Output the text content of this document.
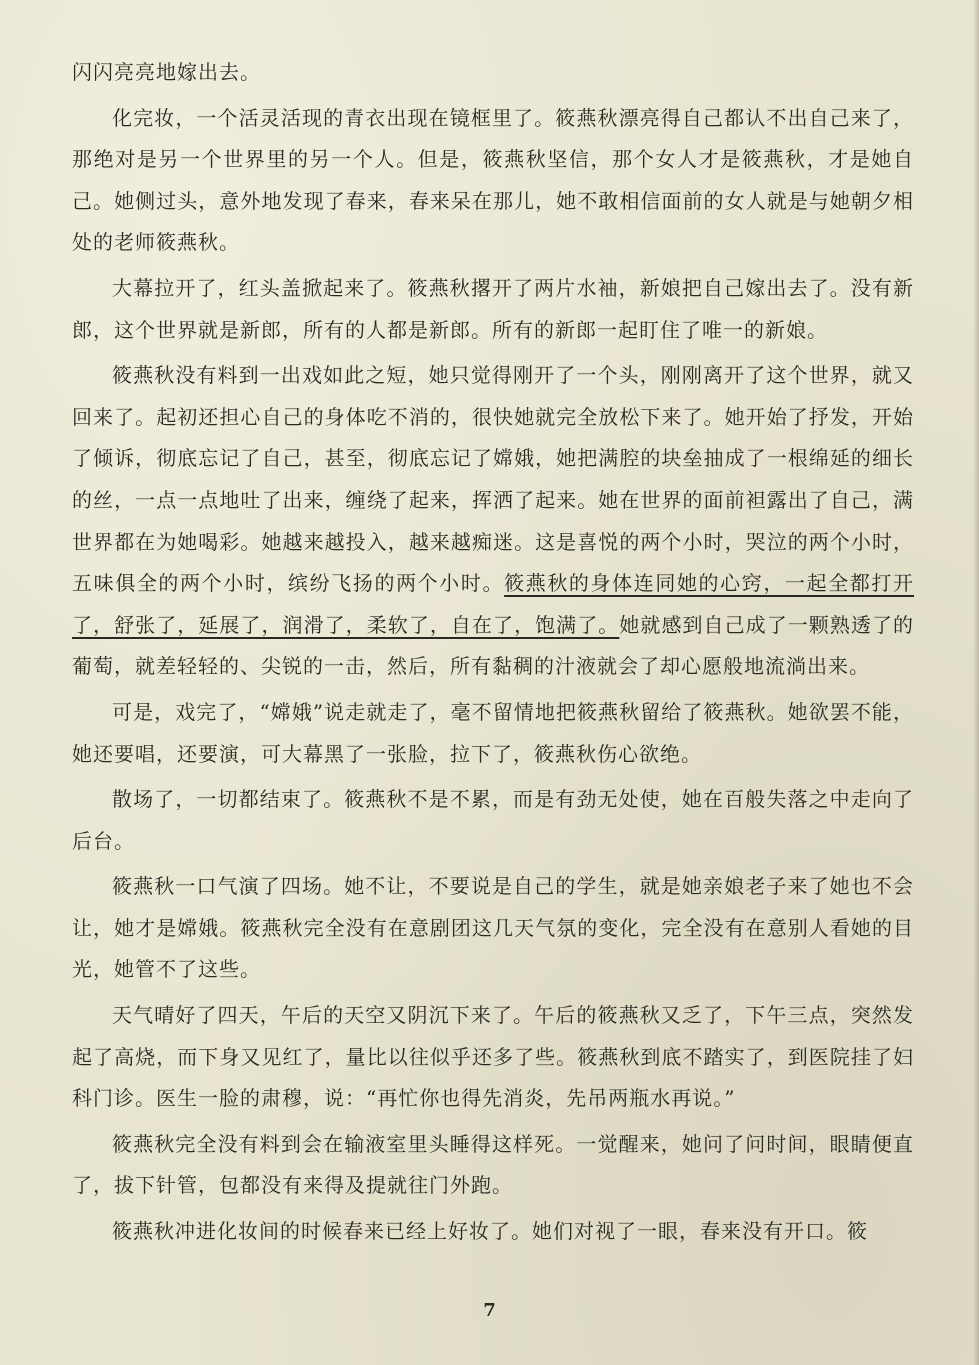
闪闪亮亮地嫁出去。

化完妆，一个活灵活现的青衣出现在镜框里了。筱燕秋漂亮得自己都认不出自己来了，那绝对是另一个世界里的另一个人。但是，筱燕秋坚信，那个女人才是筱燕秋，才是她自己。她侧过头，意外地发现了春来，春来呆在那儿，她不敢相信面前的女人就是与她朝夕相处的老师筱燕秋。

大幕拉开了，红头盖掀起来了。筱燕秋撂开了两片水袖，新娘把自己嫁出去了。没有新郎，这个世界就是新郎，所有的人都是新郎。所有的新郎一起盯住了唯一的新娘。

筱燕秋没有料到一出戏如此之短，她只觉得刚开了一个头，刚刚离开了这个世界，就又回来了。起初还担心自己的身体吃不消的，很快她就完全放松下来了。她开始了抒发，开始了倾诉，彻底忘记了自己，甚至，彻底忘记了嫦娥，她把满腔的块垒抽成了一根绵延的细长的丝，一点一点地吐了出来，缠绕了起来，挥洒了起来。她在世界的面前袒露出了自己，满世界都在为她喝彩。她越来越投入，越来越痴迷。这是喜悦的两个小时，哭泣的两个小时，五味俱全的两个小时，缤纷飞扬的两个小时。筱燕秋的身体连同她的心窍，一起全都打开了，舒张了，延展了，润滑了，柔软了，自在了，饱满了。她就感到自己成了一颗熟透了的葡萄，就差轻轻的、尖锐的一击，然后，所有黏稠的汁液就会了却心愿般地流淌出来。

可是，戏完了，“嫦娥”说走就走了，毫不留情地把筱燕秋留给了筱燕秋。她欲罢不能，她还要唱，还要演，可大幕黑了一张脸，拉下了，筱燕秋伤心欲绝。

散场了，一切都结束了。筱燕秋不是不累，而是有劲无处使，她在百般失落之中走向了后台。

筱燕秋一口气演了四场。她不让，不要说是自己的学生，就是她亲娘老子来了她也不会让，她才是嫦娥。筱燕秋完全没有在意剧团这几天气氛的变化，完全没有在意别人看她的目光，她管不了这些。

天气晴好了四天，午后的天空又阴沉下来了。午后的筱燕秋又乏了，下午三点，突然发起了高烧，而下身又见红了，量比以往似乎还多了些。筱燕秋到底不踏实了，到医院挂了妇科门诊。医生一脸的肃穆，说：“再忙你也得先消炎，先吊两瓶水再说。”

筱燕秋完全没有料到会在输液室里头睡得这样死。一觉醒来，她问了问时间，眼睛便直了，拔下针管，包都没有来得及提就往门外跑。

筱燕秋冲进化妆间的时候春来已经上好妆了。她们对视了一眼，春来没有开口。筱

7
